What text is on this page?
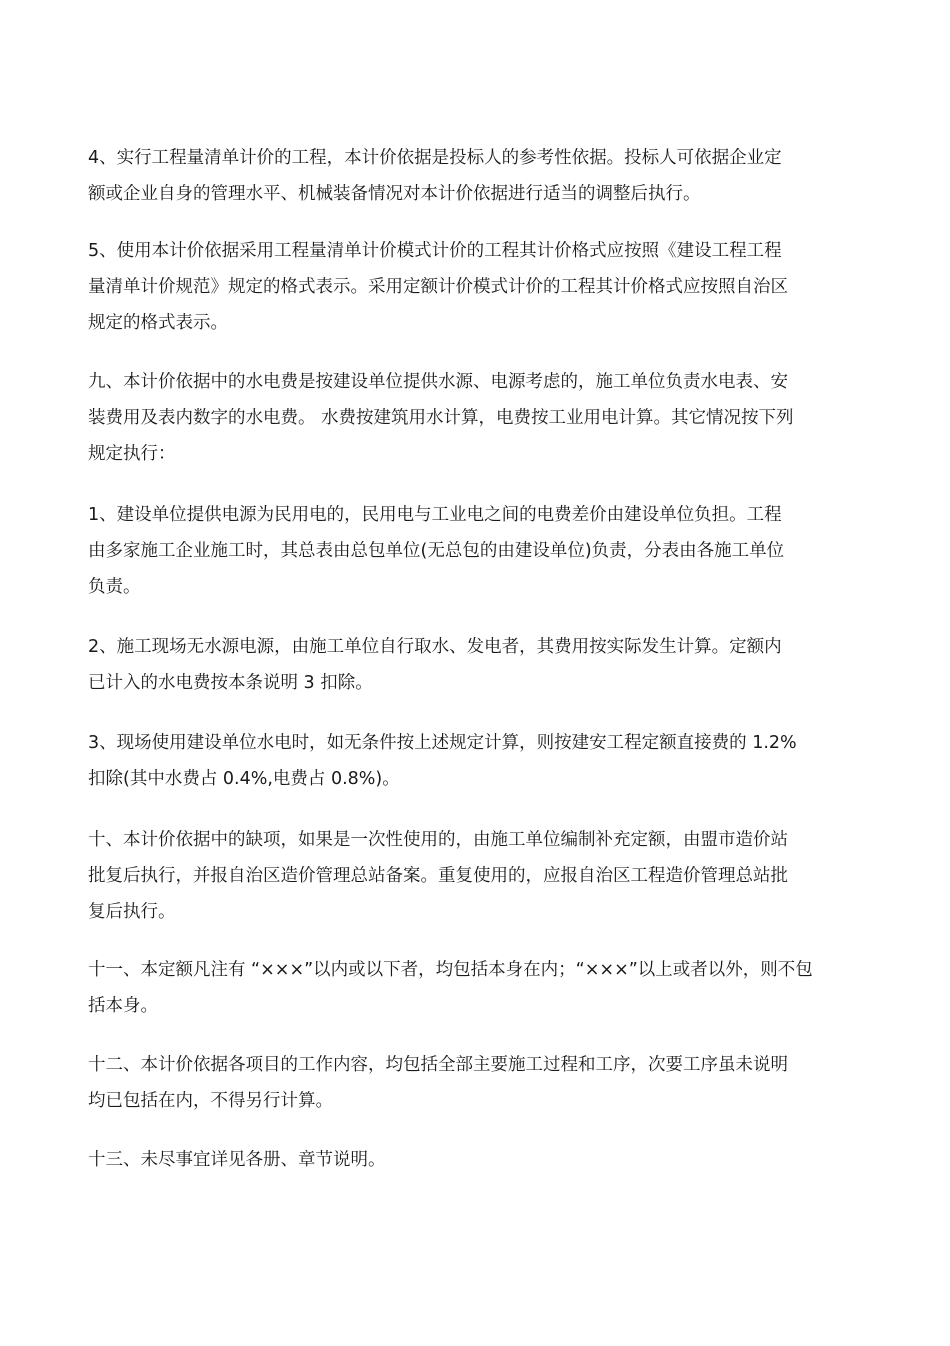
4、实行工程量清单计价的工程，本计价依据是投标人的参考性依据。投标人可依据企业定
额或企业自身的管理水平、机械装备情况对本计价依据进行适当的调整后执行。

5、使用本计价依据采用工程量清单计价模式计价的工程其计价格式应按照《建设工程工程
量清单计价规范》规定的格式表示。采用定额计价模式计价的工程其计价格式应按照自治区
规定的格式表示。

九、本计价依据中的水电费是按建设单位提供水源、电源考虑的，施工单位负责水电表、安
装费用及表内数字的水电费。 水费按建筑用水计算，电费按工业用电计算。其它情况按下列
规定执行：

1、建设单位提供电源为民用电的，民用电与工业电之间的电费差价由建设单位负担。工程
由多家施工企业施工时，其总表由总包单位(无总包的由建设单位)负责，分表由各施工单位
负责。

2、施工现场无水源电源，由施工单位自行取水、发电者，其费用按实际发生计算。定额内
已计入的水电费按本条说明 3 扣除。

3、现场使用建设单位水电时，如无条件按上述规定计算，则按建安工程定额直接费的 1.2%
扣除(其中水费占 0.4%,电费占 0.8%)。

十、本计价依据中的缺项，如果是一次性使用的，由施工单位编制补充定额，由盟市造价站
批复后执行，并报自治区造价管理总站备案。重复使用的，应报自治区工程造价管理总站批
复后执行。

十一、本定额凡注有 “×××”以内或以下者，均包括本身在内；“×××”以上或者以外，则不包
括本身。

十二、本计价依据各项目的工作内容，均包括全部主要施工过程和工序，次要工序虽未说明
均已包括在内，不得另行计算。

十三、未尽事宜详见各册、章节说明。
